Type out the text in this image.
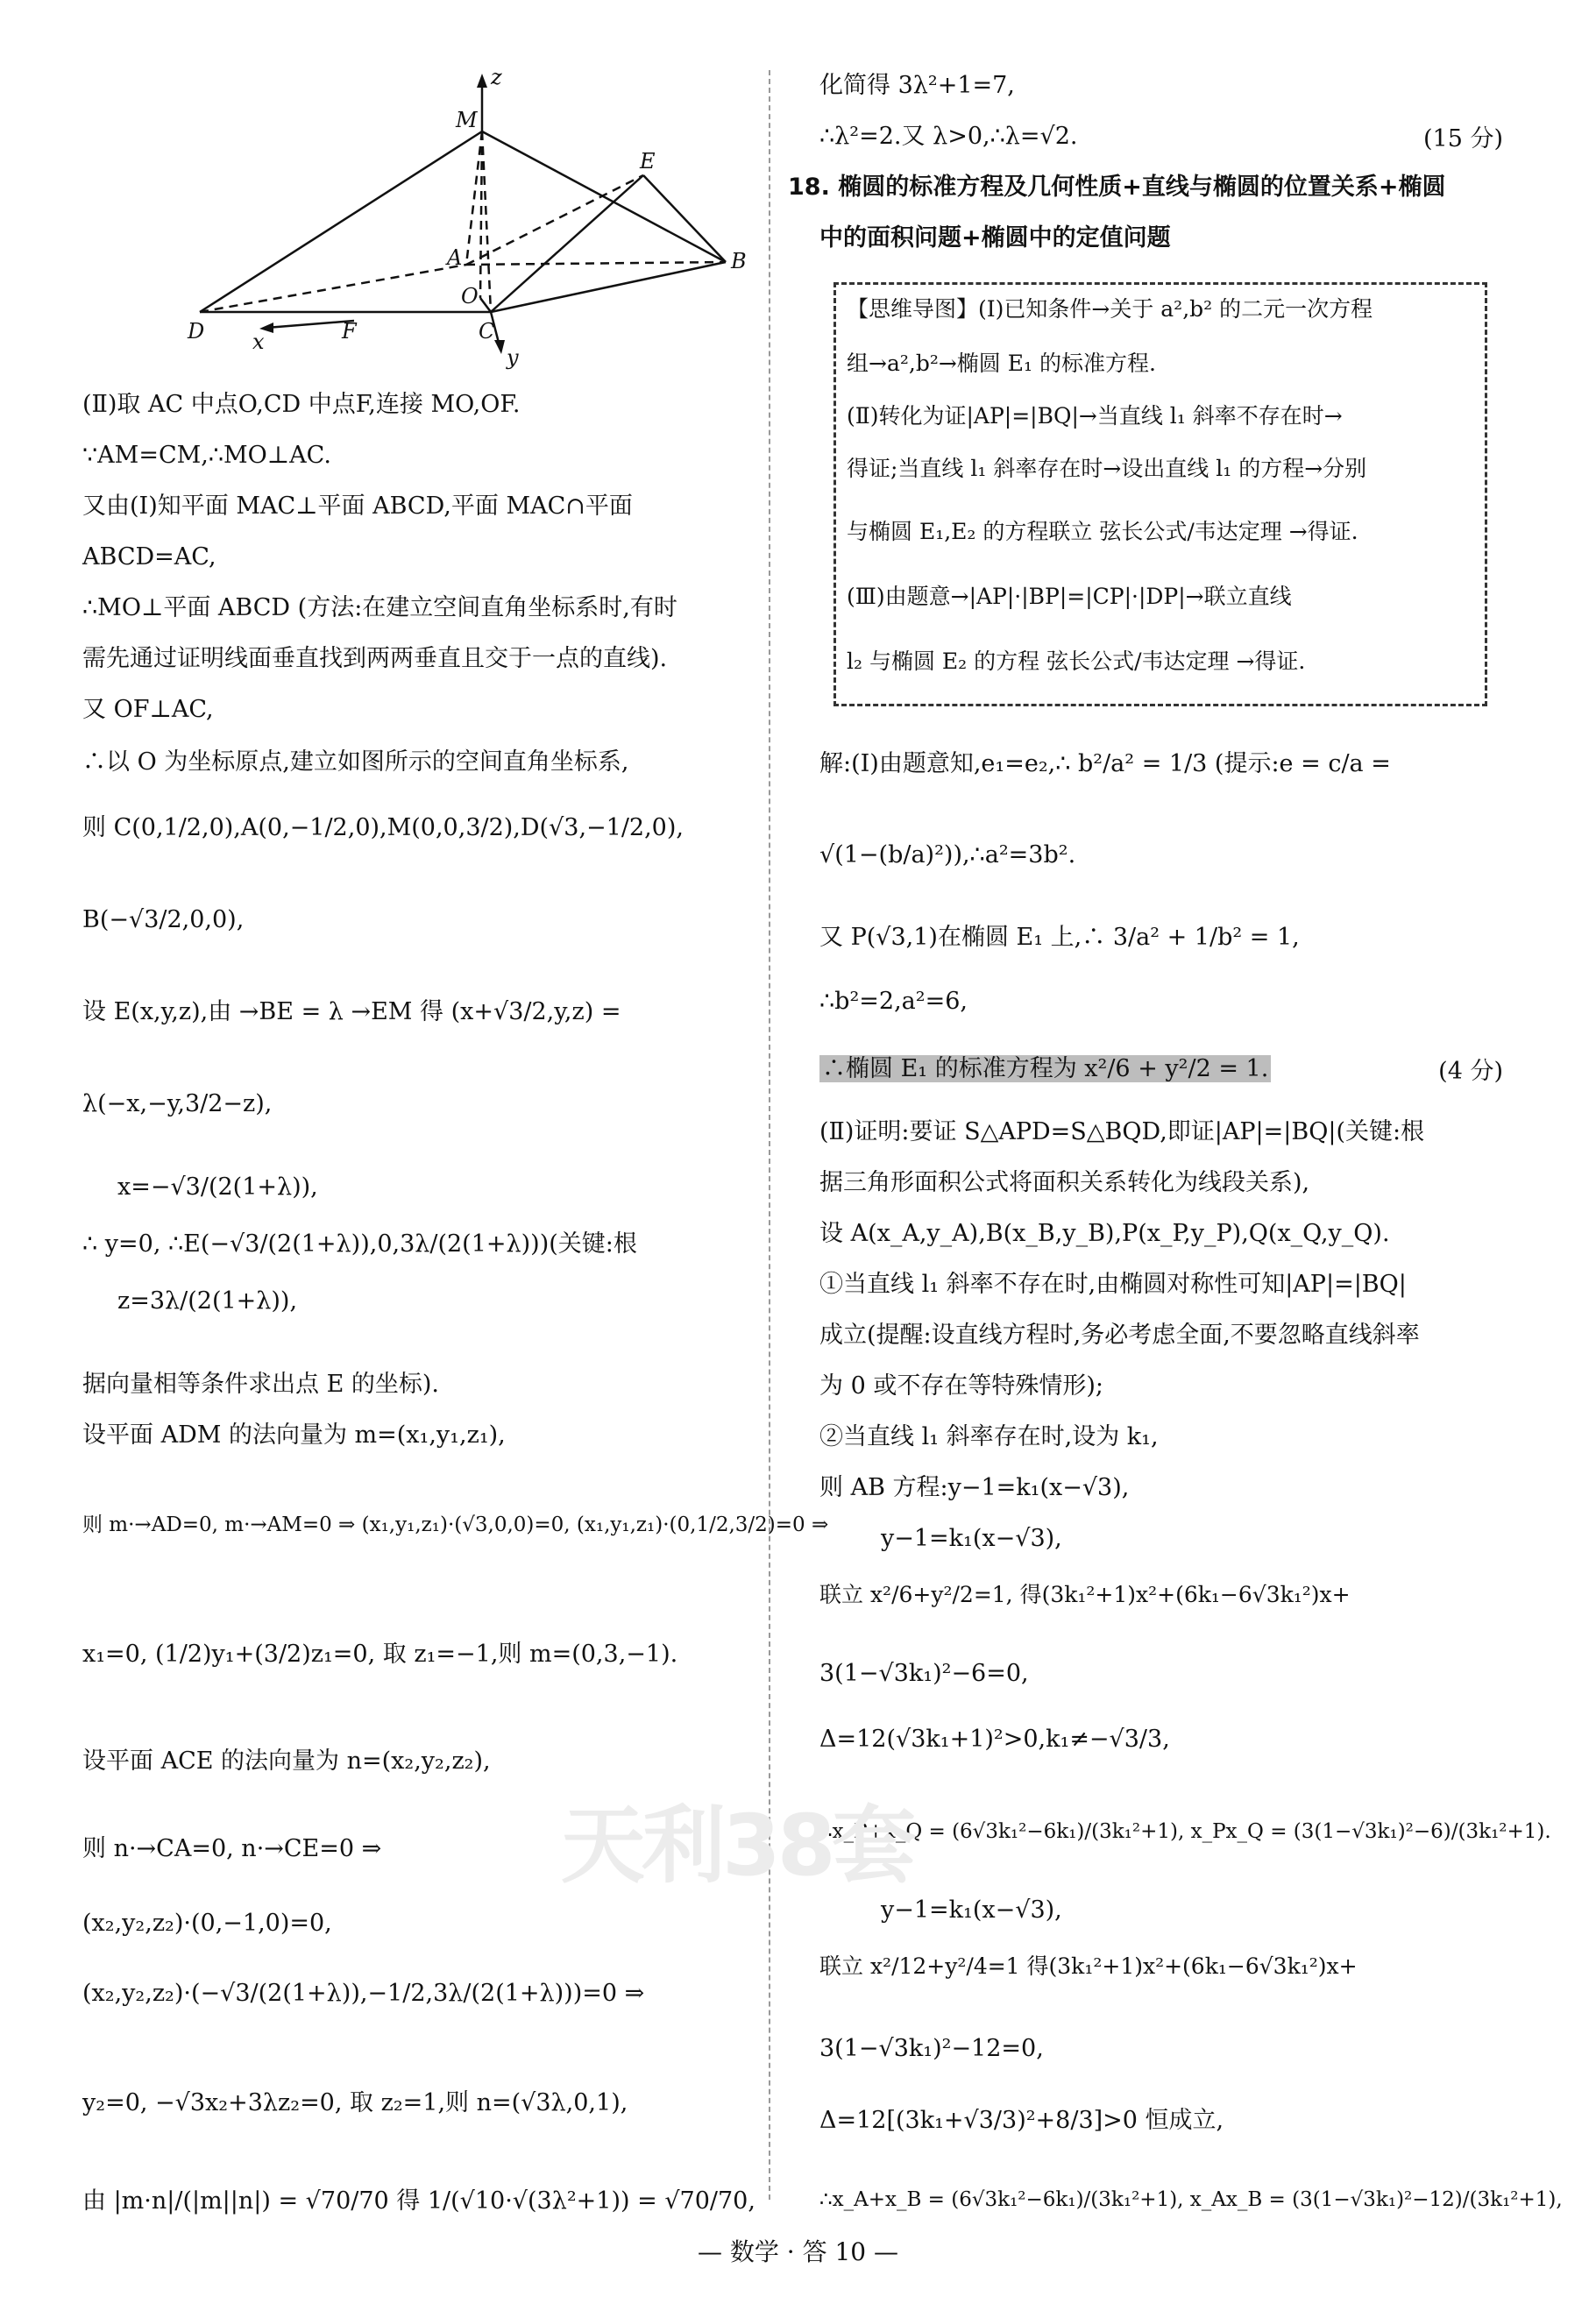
z
M
E
A	B
O
D	F	C
x
y
(Ⅱ)取 AC 中点O,CD 中点F,连接 MO,OF.
∵AM=CM,∴MO⊥AC.
又由(Ⅰ)知平面 MAC⊥平面 ABCD,平面 MAC∩平面
ABCD=AC,
∴MO⊥平面 ABCD (方法:在建立空间直角坐标系时,有时
需先通过证明线面垂直找到两两垂直且交于一点的直线).
又 OF⊥AC,
∴以 O 为坐标原点,建立如图所示的空间直角坐标系,
则 C(0,1/2,0),A(0,−1/2,0),M(0,0,3/2),D(√3,−1/2,0),
B(−√3/2,0,0),
设 E(x,y,z),由 →BE = λ →EM 得 (x+√3/2,y,z) =
λ(−x,−y,3/2−z),
x=−√3/(2(1+λ)),
∴ y=0, ∴E(−√3/(2(1+λ)),0,3λ/(2(1+λ)))(关键:根
z=3λ/(2(1+λ)),
据向量相等条件求出点 E 的坐标).
设平面 ADM 的法向量为 m=(x₁,y₁,z₁),
则 m·→AD=0, m·→AM=0 ⇒ (x₁,y₁,z₁)·(√3,0,0)=0, (x₁,y₁,z₁)·(0,1/2,3/2)=0 ⇒
x₁=0, (1/2)y₁+(3/2)z₁=0, 取 z₁=−1,则 m=(0,3,−1).
设平面 ACE 的法向量为 n=(x₂,y₂,z₂),
则 n·→CA=0, n·→CE=0 ⇒
(x₂,y₂,z₂)·(0,−1,0)=0,
(x₂,y₂,z₂)·(−√3/(2(1+λ)),−1/2,3λ/(2(1+λ)))=0 ⇒
y₂=0, −√3x₂+3λz₂=0, 取 z₂=1,则 n=(√3λ,0,1),
由 |m·n|/(|m||n|) = √70/70 得 1/(√10·√(3λ²+1)) = √70/70,
化简得 3λ²+1=7,
∴λ²=2.又 λ>0,∴λ=√2.	(15 分)
18. 椭圆的标准方程及几何性质+直线与椭圆的位置关系+椭圆
中的面积问题+椭圆中的定值问题
【思维导图】(Ⅰ)已知条件→关于 a²,b² 的二元一次方程
组→a²,b²→椭圆 E₁ 的标准方程.
(Ⅱ)转化为证|AP|=|BQ|→当直线 l₁ 斜率不存在时→
得证;当直线 l₁ 斜率存在时→设出直线 l₁ 的方程→分别
与椭圆 E₁,E₂ 的方程联立 弦长公式/韦达定理 →得证.
(Ⅲ)由题意→|AP|·|BP|=|CP|·|DP|→联立直线
l₂ 与椭圆 E₂ 的方程 弦长公式/韦达定理 →得证.
解:(Ⅰ)由题意知,e₁=e₂,∴ b²/a² = 1/3 (提示:e = c/a =
√(1−(b/a)²)),∴a²=3b².
又 P(√3,1)在椭圆 E₁ 上,∴ 3/a² + 1/b² = 1,
∴b²=2,a²=6,
∴椭圆 E₁ 的标准方程为 x²/6 + y²/2 = 1.	(4 分)
(Ⅱ)证明:要证 S△APD=S△BQD,即证|AP|=|BQ|(关键:根
据三角形面积公式将面积关系转化为线段关系),
设 A(x_A,y_A),B(x_B,y_B),P(x_P,y_P),Q(x_Q,y_Q).
①当直线 l₁ 斜率不存在时,由椭圆对称性可知|AP|=|BQ|
成立(提醒:设直线方程时,务必考虑全面,不要忽略直线斜率
为 0 或不存在等特殊情形);
②当直线 l₁ 斜率存在时,设为 k₁,
则 AB 方程:y−1=k₁(x−√3),
y−1=k₁(x−√3),
联立 x²/6+y²/2=1, 得(3k₁²+1)x²+(6k₁−6√3k₁²)x+
3(1−√3k₁)²−6=0,
Δ=12(√3k₁+1)²>0,k₁≠−√3/3,
∴x_P+x_Q = (6√3k₁²−6k₁)/(3k₁²+1), x_Px_Q = (3(1−√3k₁)²−6)/(3k₁²+1).
y−1=k₁(x−√3),
联立 x²/12+y²/4=1 得(3k₁²+1)x²+(6k₁−6√3k₁²)x+
3(1−√3k₁)²−12=0,
Δ=12[(3k₁+√3/3)²+8/3]>0 恒成立,
∴x_A+x_B = (6√3k₁²−6k₁)/(3k₁²+1), x_Ax_B = (3(1−√3k₁)²−12)/(3k₁²+1),
天利38套
— 数学 · 答 10 —
